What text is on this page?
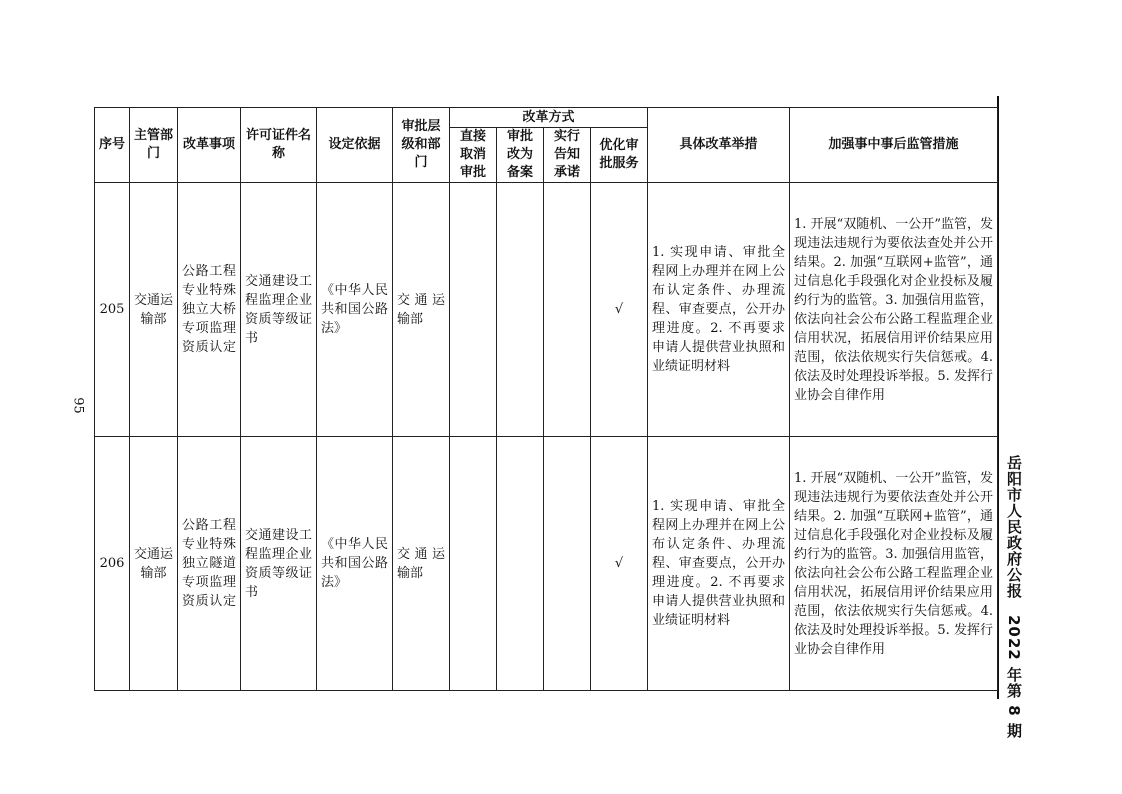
95
岳阳市人民政府公报　2022 年第 8 期
序号	主管部门	改革事项	许可证件名称	设定依据	审批层级和部门	改革方式				具体改革举措	加强事中事后监管措施
						直接取消审批	审批改为备案	实行告知承诺	优化审批服务		
205	交通运输部	公路工程专业特殊独立大桥专项监理资质认定	交通建设工程监理企业资质等级证书	《中华人民共和国公路法》	交通运输部				√	1. 实现申请、审批全程网上办理并在网上公布认定条件、办理流程、审查要点，公开办理进度。2. 不再要求申请人提供营业执照和业绩证明材料	1. 开展“双随机、一公开”监管，发现违法违规行为要依法查处并公开结果。2. 加强“互联网+监管”，通过信息化手段强化对企业投标及履约行为的监管。3. 加强信用监管，依法向社会公布公路工程监理企业信用状况，拓展信用评价结果应用范围，依法依规实行失信惩戒。4. 依法及时处理投诉举报。5. 发挥行业协会自律作用
206	交通运输部	公路工程专业特殊独立隧道专项监理资质认定	交通建设工程监理企业资质等级证书	《中华人民共和国公路法》	交通运输部				√	1. 实现申请、审批全程网上办理并在网上公布认定条件、办理流程、审查要点，公开办理进度。2. 不再要求申请人提供营业执照和业绩证明材料	1. 开展“双随机、一公开”监管，发现违法违规行为要依法查处并公开结果。2. 加强“互联网+监管”，通过信息化手段强化对企业投标及履约行为的监管。3. 加强信用监管，依法向社会公布公路工程监理企业信用状况，拓展信用评价结果应用范围，依法依规实行失信惩戒。4. 依法及时处理投诉举报。5. 发挥行业协会自律作用
